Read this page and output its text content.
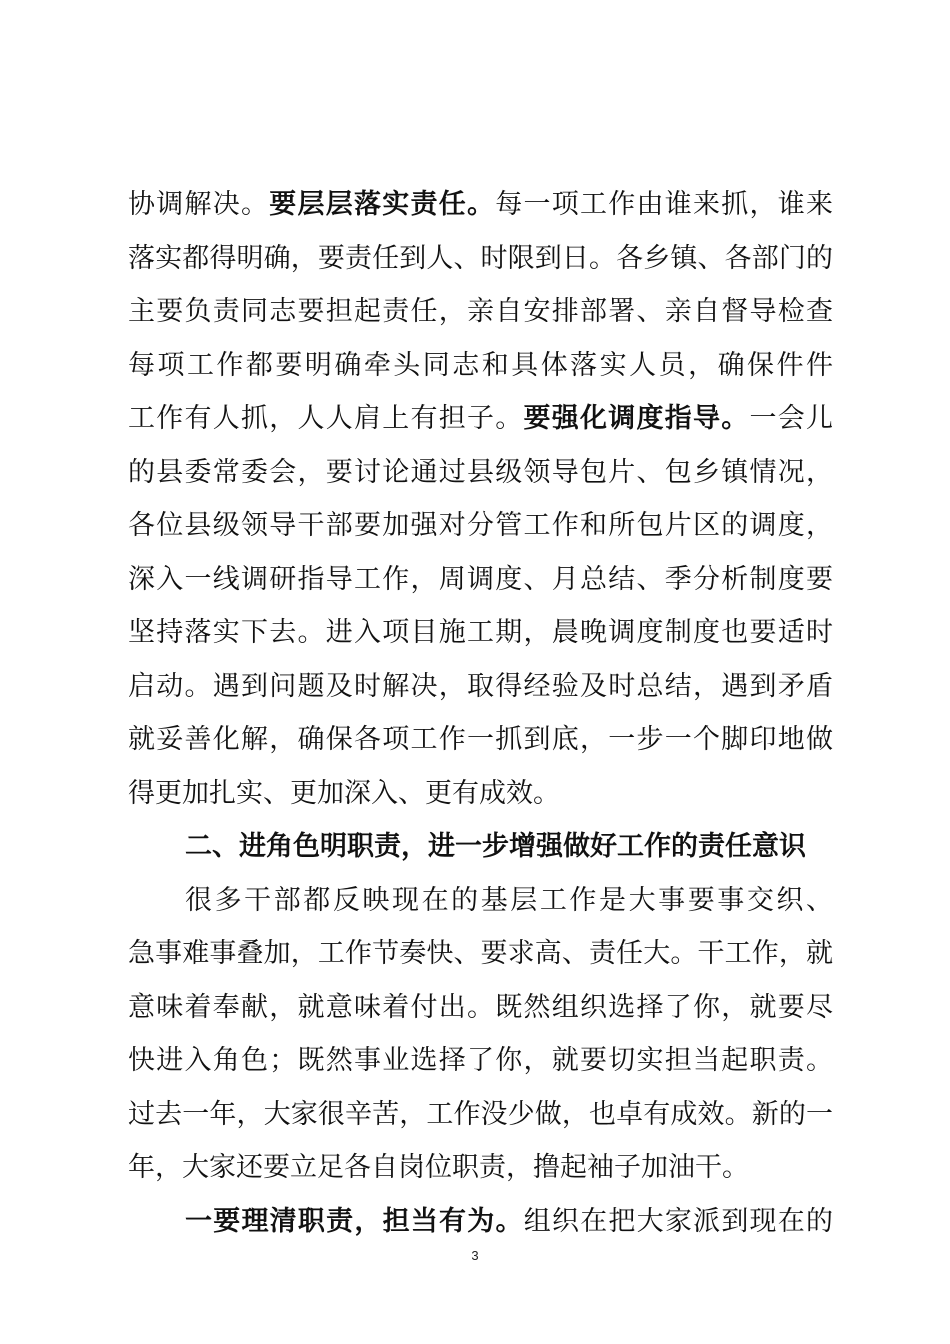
协调解决。要层层落实责任。每一项工作由谁来抓，谁来
落实都得明确，要责任到人、时限到日。各乡镇、各部门的
主要负责同志要担起责任，亲自安排部署、亲自督导检查
每项工作都要明确牵头同志和具体落实人员，确保件件
工作有人抓，人人肩上有担子。要强化调度指导。一会儿
的县委常委会，要讨论通过县级领导包片、包乡镇情况，
各位县级领导干部要加强对分管工作和所包片区的调度，
深入一线调研指导工作，周调度、月总结、季分析制度要
坚持落实下去。进入项目施工期，晨晚调度制度也要适时
启动。遇到问题及时解决，取得经验及时总结，遇到矛盾
就妥善化解，确保各项工作一抓到底，一步一个脚印地做
得更加扎实、更加深入、更有成效。
二、进角色明职责，进一步增强做好工作的责任意识
很多干部都反映现在的基层工作是大事要事交织、
急事难事叠加，工作节奏快、要求高、责任大。干工作，就
意味着奉献，就意味着付出。既然组织选择了你，就要尽
快进入角色；既然事业选择了你，就要切实担当起职责。
过去一年，大家很辛苦，工作没少做，也卓有成效。新的一
年，大家还要立足各自岗位职责，撸起袖子加油干。
一要理清职责，担当有为。组织在把大家派到现在的
3
